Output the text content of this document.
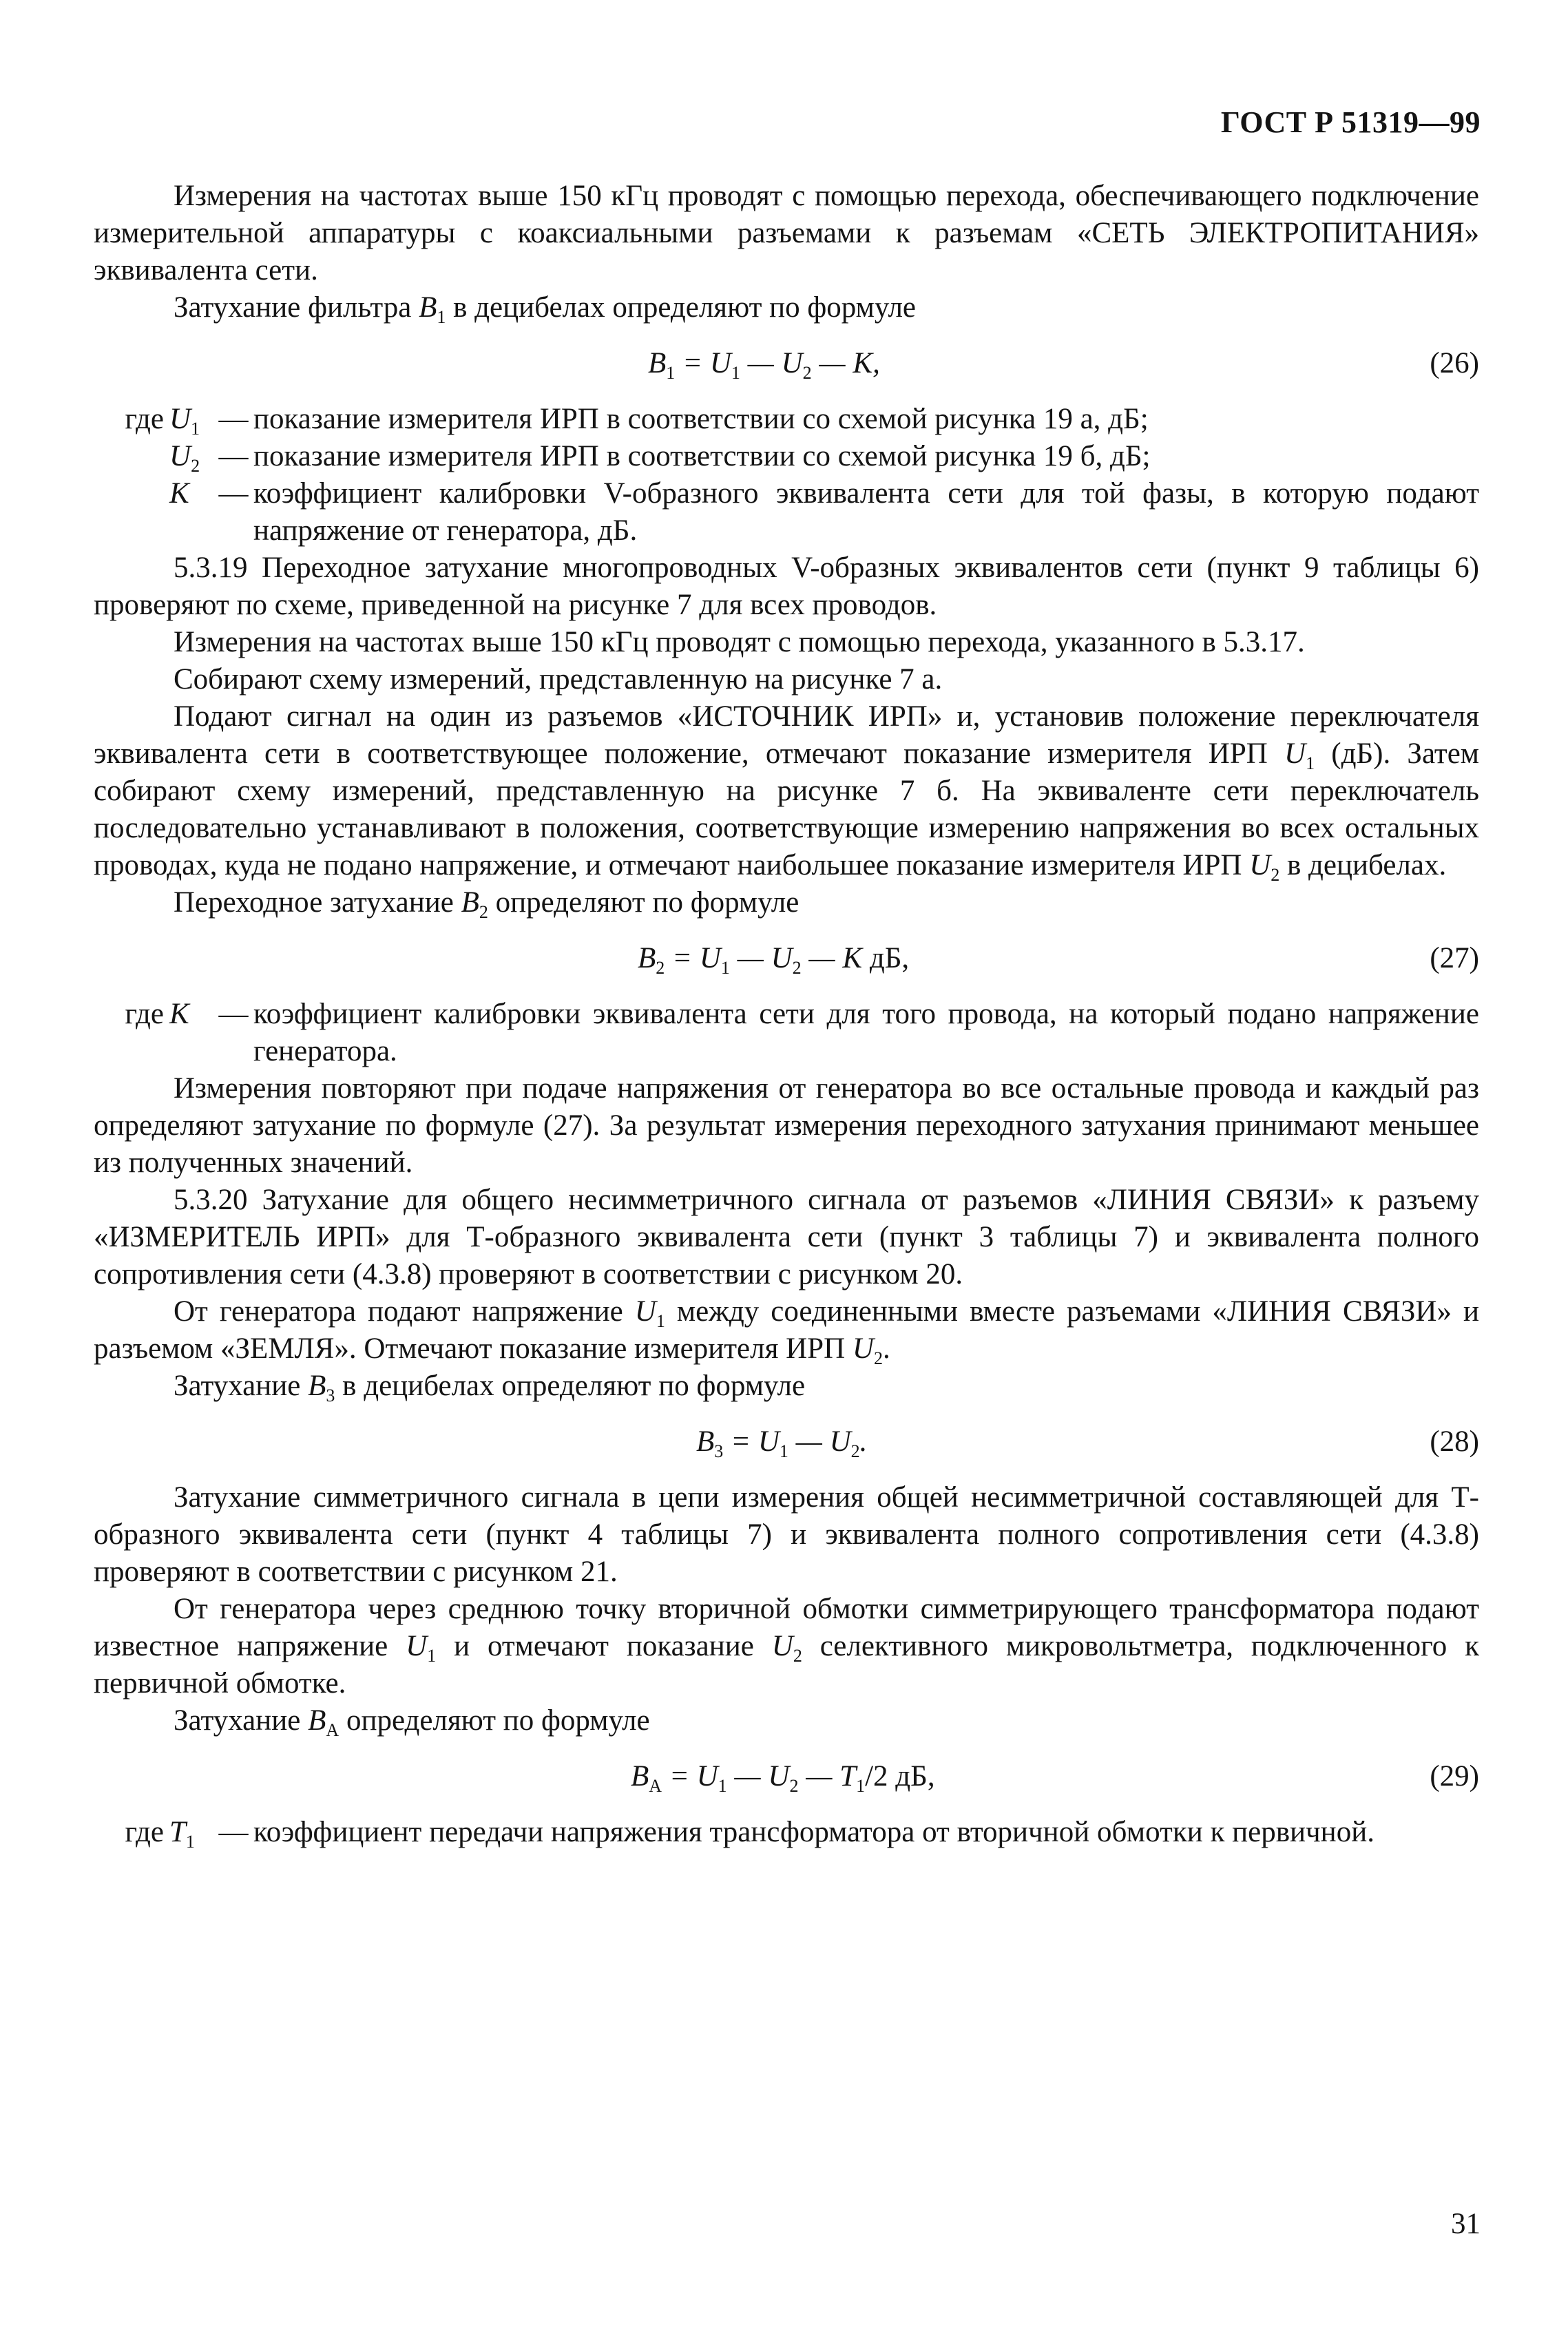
ГОСТ Р 51319—99

Измерения на частотах выше 150 кГц проводят с помощью перехода, обеспечивающего подключение измерительной аппаратуры с коаксиальными разъемами к разъемам «СЕТЬ ЭЛЕКТРОПИТАНИЯ» эквивалента сети.

Затухание фильтра $B_1$ в децибелах определяют по формуле

$B_1 = U_1$ — $U_2$ — K,	(26)
где $U_1$ — показание измерителя ИРП в соответствии со схемой рисунка 19 а, дБ;
$U_2$ — показание измерителя ИРП в соответствии со схемой рисунка 19 б, дБ;
K — коэффициент калибровки V-образного эквивалента сети для той фазы, в которую подают напряжение от генератора, дБ.

5.3.19 Переходное затухание многопроводных V-образных эквивалентов сети (пункт 9 таблицы 6) проверяют по схеме, приведенной на рисунке 7 для всех проводов.

Измерения на частотах выше 150 кГц проводят с помощью перехода, указанного в 5.3.17.

Собирают схему измерений, представленную на рисунке 7 а.

Подают сигнал на один из разъемов «ИСТОЧНИК ИРП» и, установив положение переключателя эквивалента сети в соответствующее положение, отмечают показание измерителя ИРП $U_1$ (дБ). Затем собирают схему измерений, представленную на рисунке 7 б. На эквиваленте сети переключатель последовательно устанавливают в положения, соответствующие измерению напряжения во всех остальных проводах, куда не подано напряжение, и отмечают наибольшее показание измерителя ИРП $U_2$ в децибелах.

Переходное затухание $B_2$ определяют по формуле

$B_2 = U_1$ — $U_2$ — K дБ,	(27)
где K — коэффициент калибровки эквивалента сети для того провода, на который подано напряжение генератора.

Измерения повторяют при подаче напряжения от генератора во все остальные провода и каждый раз определяют затухание по формуле (27). За результат измерения переходного затухания принимают меньшее из полученных значений.

5.3.20 Затухание для общего несимметричного сигнала от разъемов «ЛИНИЯ СВЯЗИ» к разъему «ИЗМЕРИТЕЛЬ ИРП» для Т-образного эквивалента сети (пункт 3 таблицы 7) и эквивалента полного сопротивления сети (4.3.8) проверяют в соответствии с рисунком 20.

От генератора подают напряжение $U_1$ между соединенными вместе разъемами «ЛИНИЯ СВЯЗИ» и разъемом «ЗЕМЛЯ». Отмечают показание измерителя ИРП $U_2$.

Затухание $B_3$ в децибелах определяют по формуле

$B_3 = U_1$ — $U_2$.	(28)

Затухание симметричного сигнала в цепи измерения общей несимметричной составляющей для Т-образного эквивалента сети (пункт 4 таблицы 7) и эквивалента полного сопротивления сети (4.3.8) проверяют в соответствии с рисунком 21.

От генератора через среднюю точку вторичной обмотки симметрирующего трансформатора подают известное напряжение $U_1$ и отмечают показание $U_2$ селективного микровольтметра, подключенного к первичной обмотке.

Затухание $B_А$ определяют по формуле

$B_А = U_1$ — $U_2$ — $T_1/2$ дБ,	(29)
где $T_1$ — коэффициент передачи напряжения трансформатора от вторичной обмотки к первичной.
31
